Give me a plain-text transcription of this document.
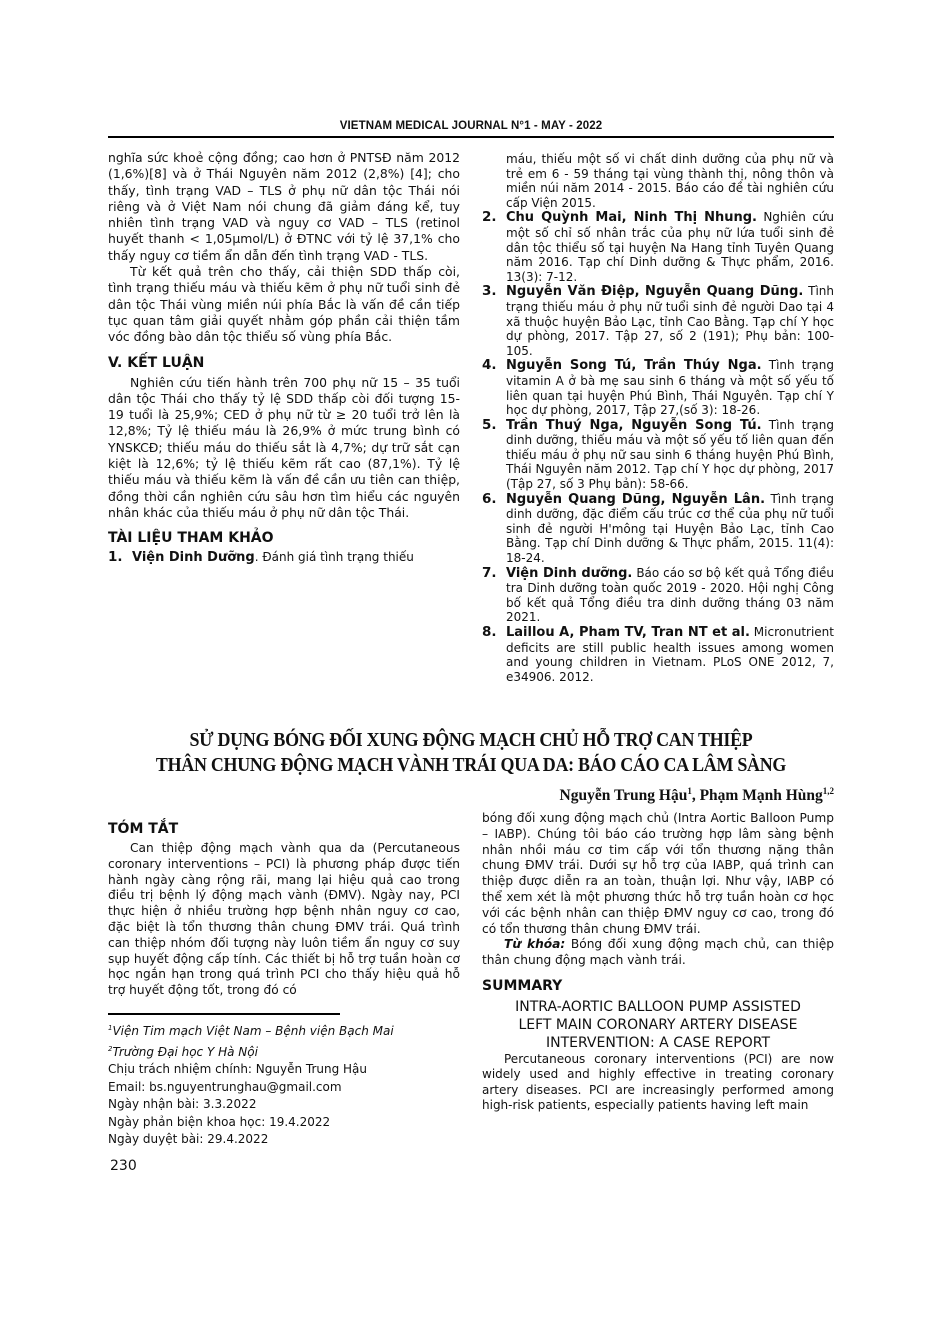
VIETNAM MEDICAL JOURNAL N°1 - MAY - 2022

nghĩa sức khoẻ cộng đồng; cao hơn ở PNTSĐ năm 2012 (1,6%)[8] và ở Thái Nguyên năm 2012 (2,8%) [4]; cho thấy, tình trạng VAD – TLS ở phụ nữ dân tộc Thái nói riêng và ở Việt Nam nói chung đã giảm đáng kể, tuy nhiên tình trạng VAD và nguy cơ VAD – TLS (retinol huyết thanh < 1,05µmol/L) ở ĐTNC với tỷ lệ 37,1% cho thấy nguy cơ tiềm ẩn dẫn đến tình trạng VAD - TLS.

Từ kết quả trên cho thấy, cải thiện SDD thấp còi, tình trạng thiếu máu và thiếu kẽm ở phụ nữ tuổi sinh đẻ dân tộc Thái vùng miền núi phía Bắc là vấn đề cần tiếp tục quan tâm giải quyết nhằm góp phần cải thiện tầm vóc đồng bào dân tộc thiểu số vùng phía Bắc.

V. KẾT LUẬN

Nghiên cứu tiến hành trên 700 phụ nữ 15 – 35 tuổi dân tộc Thái cho thấy tỷ lệ SDD thấp còi đối tượng 15-19 tuổi là 25,9%; CED ở phụ nữ từ ≥ 20 tuổi trở lên là 12,8%; Tỷ lệ thiếu máu là 26,9% ở mức trung bình có YNSKCĐ; thiếu máu do thiếu sắt là 4,7%; dự trữ sắt cạn kiệt là 12,6%; tỷ lệ thiếu kẽm rất cao (87,1%). Tỷ lệ thiếu máu và thiếu kẽm là vấn đề cần ưu tiên can thiệp, đồng thời cần nghiên cứu sâu hơn tìm hiểu các nguyên nhân khác của thiếu máu ở phụ nữ dân tộc Thái.

TÀI LIỆU THAM KHẢO
1. Viện Dinh Dưỡng. Đánh giá tình trạng thiếu
máu, thiếu một số vi chất dinh dưỡng của phụ nữ và trẻ em 6 - 59 tháng tại vùng thành thị, nông thôn và miền núi năm 2014 - 2015. Báo cáo đề tài nghiên cứu cấp Viện 2015.
2. Chu Quỳnh Mai, Ninh Thị Nhung. Nghiên cứu một số chỉ số nhân trắc của phụ nữ lứa tuổi sinh đẻ dân tộc thiểu số tại huyện Na Hang tỉnh Tuyên Quang năm 2016. Tạp chí Dinh dưỡng & Thực phẩm, 2016. 13(3): 7-12.
3. Nguyễn Văn Điệp, Nguyễn Quang Dũng. Tình trạng thiếu máu ở phụ nữ tuổi sinh đẻ người Dao tại 4 xã thuộc huyện Bảo Lạc, tỉnh Cao Bằng. Tạp chí Y học dự phòng, 2017. Tập 27, số 2 (191); Phụ bản: 100-105.
4. Nguyễn Song Tú, Trần Thúy Nga. Tình trạng vitamin A ở bà mẹ sau sinh 6 tháng và một số yếu tố liên quan tại huyện Phú Bình, Thái Nguyên. Tạp chí Y học dự phòng, 2017, Tập 27,(số 3): 18-26.
5. Trần Thuý Nga, Nguyễn Song Tú. Tình trạng dinh dưỡng, thiếu máu và một số yếu tố liên quan đến thiếu máu ở phụ nữ sau sinh 6 tháng huyện Phú Bình, Thái Nguyên năm 2012. Tạp chí Y học dự phòng, 2017 (Tập 27, số 3 Phụ bản): 58-66.
6. Nguyễn Quang Dũng, Nguyễn Lân. Tình trạng dinh dưỡng, đặc điểm cấu trúc cơ thể của phụ nữ tuổi sinh đẻ người H'mông tại Huyện Bảo Lạc, tỉnh Cao Bằng. Tạp chí Dinh dưỡng & Thực phẩm, 2015. 11(4): 18-24.
7. Viện Dinh dưỡng. Báo cáo sơ bộ kết quả Tổng điều tra Dinh dưỡng toàn quốc 2019 - 2020. Hội nghị Công bố kết quả Tổng điều tra dinh dưỡng tháng 03 năm 2021.
8. Laillou A, Pham TV, Tran NT et al. Micronutrient deficits are still public health issues among women and young children in Vietnam. PLoS ONE 2012, 7, e34906. 2012.
SỬ DỤNG BÓNG ĐỐI XUNG ĐỘNG MẠCH CHỦ HỖ TRỢ CAN THIỆP
THÂN CHUNG ĐỘNG MẠCH VÀNH TRÁI QUA DA: BÁO CÁO CA LÂM SÀNG
Nguyễn Trung Hậu$^1$, Phạm Mạnh Hùng$^{1,2}$
TÓM TẮT

Can thiệp động mạch vành qua da (Percutaneous coronary interventions – PCI) là phương pháp được tiến hành ngày càng rộng rãi, mang lại hiệu quả cao trong điều trị bệnh lý động mạch vành (ĐMV). Ngày nay, PCI thực hiện ở nhiều trường hợp bệnh nhân nguy cơ cao, đặc biệt là tổn thương thân chung ĐMV trái. Quá trình can thiệp nhóm đối tượng này luôn tiềm ẩn nguy cơ suy sụp huyết động cấp tính. Các thiết bị hỗ trợ tuần hoàn cơ học ngắn hạn trong quá trình PCI cho thấy hiệu quả hỗ trợ huyết động tốt, trong đó có

$^1$Viện Tim mạch Việt Nam – Bệnh viện Bạch Mai
$^2$Trường Đại học Y Hà Nội
Chịu trách nhiệm chính: Nguyễn Trung Hậu
Email: bs.nguyentrunghau@gmail.com
Ngày nhận bài: 3.3.2022
Ngày phản biện khoa học: 19.4.2022
Ngày duyệt bài: 29.4.2022
230

bóng đối xung động mạch chủ (Intra Aortic Balloon Pump – IABP). Chúng tôi báo cáo trường hợp lâm sàng bệnh nhân nhồi máu cơ tim cấp với tổn thương nặng thân chung ĐMV trái. Dưới sự hỗ trợ của IABP, quá trình can thiệp được diễn ra an toàn, thuận lợi. Như vậy, IABP có thể xem xét là một phương thức hỗ trợ tuần hoàn cơ học với các bệnh nhân can thiệp ĐMV nguy cơ cao, trong đó có tổn thương thân chung ĐMV trái.

Từ khóa: Bóng đối xung động mạch chủ, can thiệp thân chung động mạch vành trái.

SUMMARY

INTRA-AORTIC BALLOON PUMP ASSISTED

LEFT MAIN CORONARY ARTERY DISEASE

INTERVENTION: A CASE REPORT

Percutaneous coronary interventions (PCI) are now widely used and highly effective in treating coronary artery diseases. PCI are increasingly performed among high-risk patients, especially patients having left main
